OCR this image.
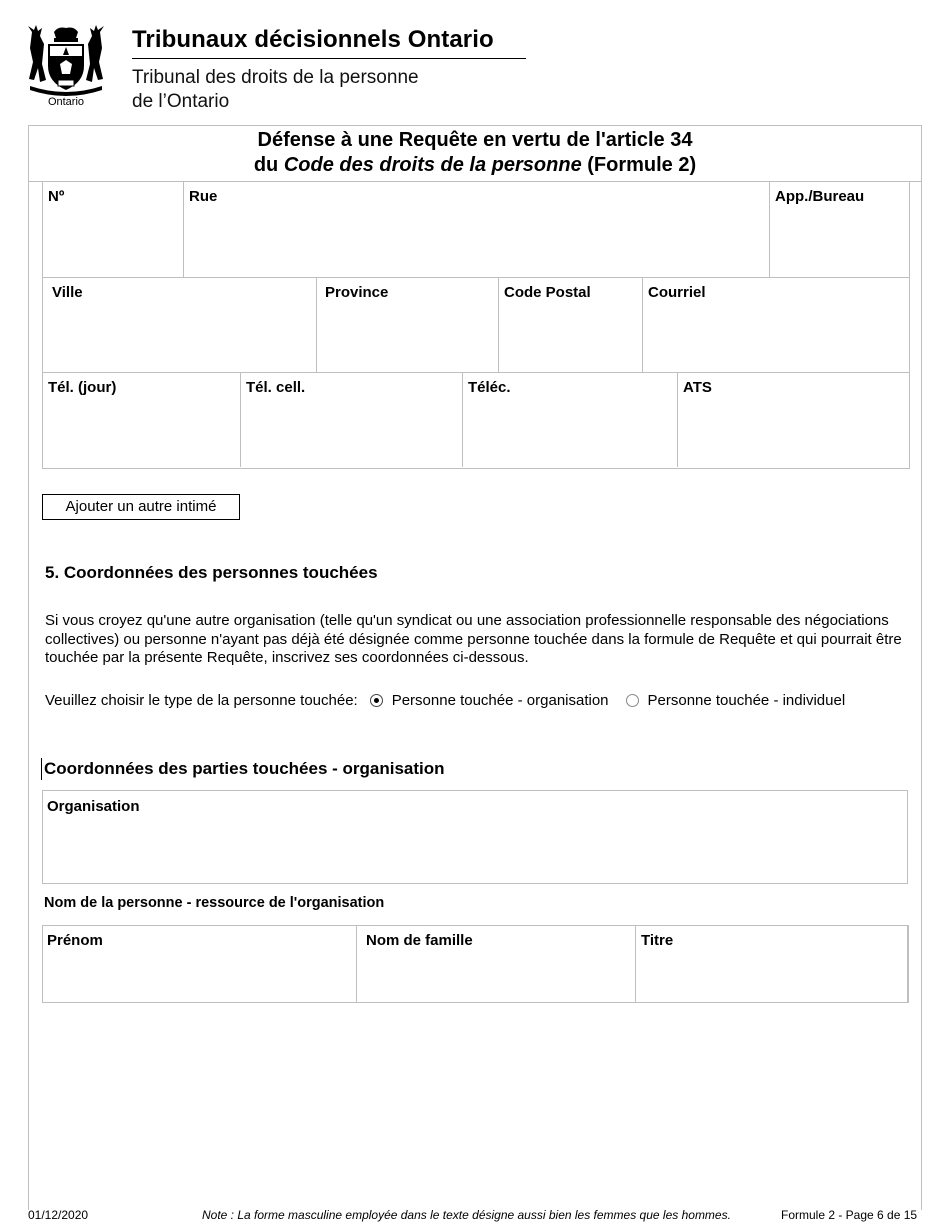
Ontario
Tribunaux décisionnels Ontario
Tribunal des droits de la personne
de l’Ontario
Défense à une Requête en vertu de l'article 34
du Code des droits de la personne (Formule 2)
Nº	Rue	App./Bureau
Ville	Province	Code Postal	Courriel
Tél. (jour)	Tél. cell.	Téléc.	ATS
Ajouter un autre intimé
5. Coordonnées des personnes touchées
Si vous croyez qu'une autre organisation (telle qu'un syndicat ou une association professionnelle responsable des négociations collectives) ou personne n'ayant pas déjà été désignée comme personne touchée dans la formule de Requête et qui pourrait être touchée par la présente Requête, inscrivez ses coordonnées ci-dessous.
Veuillez choisir le type de la personne touchée: Personne touchée - organisation	Personne touchée - individuel
Coordonnées des parties touchées - organisation
Organisation
Nom de la personne - ressource de l'organisation
Prénom	Nom de famille	Titre
01/12/2020	Note : La forme masculine employée dans le texte désigne aussi bien les femmes que les hommes.	Formule 2 - Page 6 de 15
